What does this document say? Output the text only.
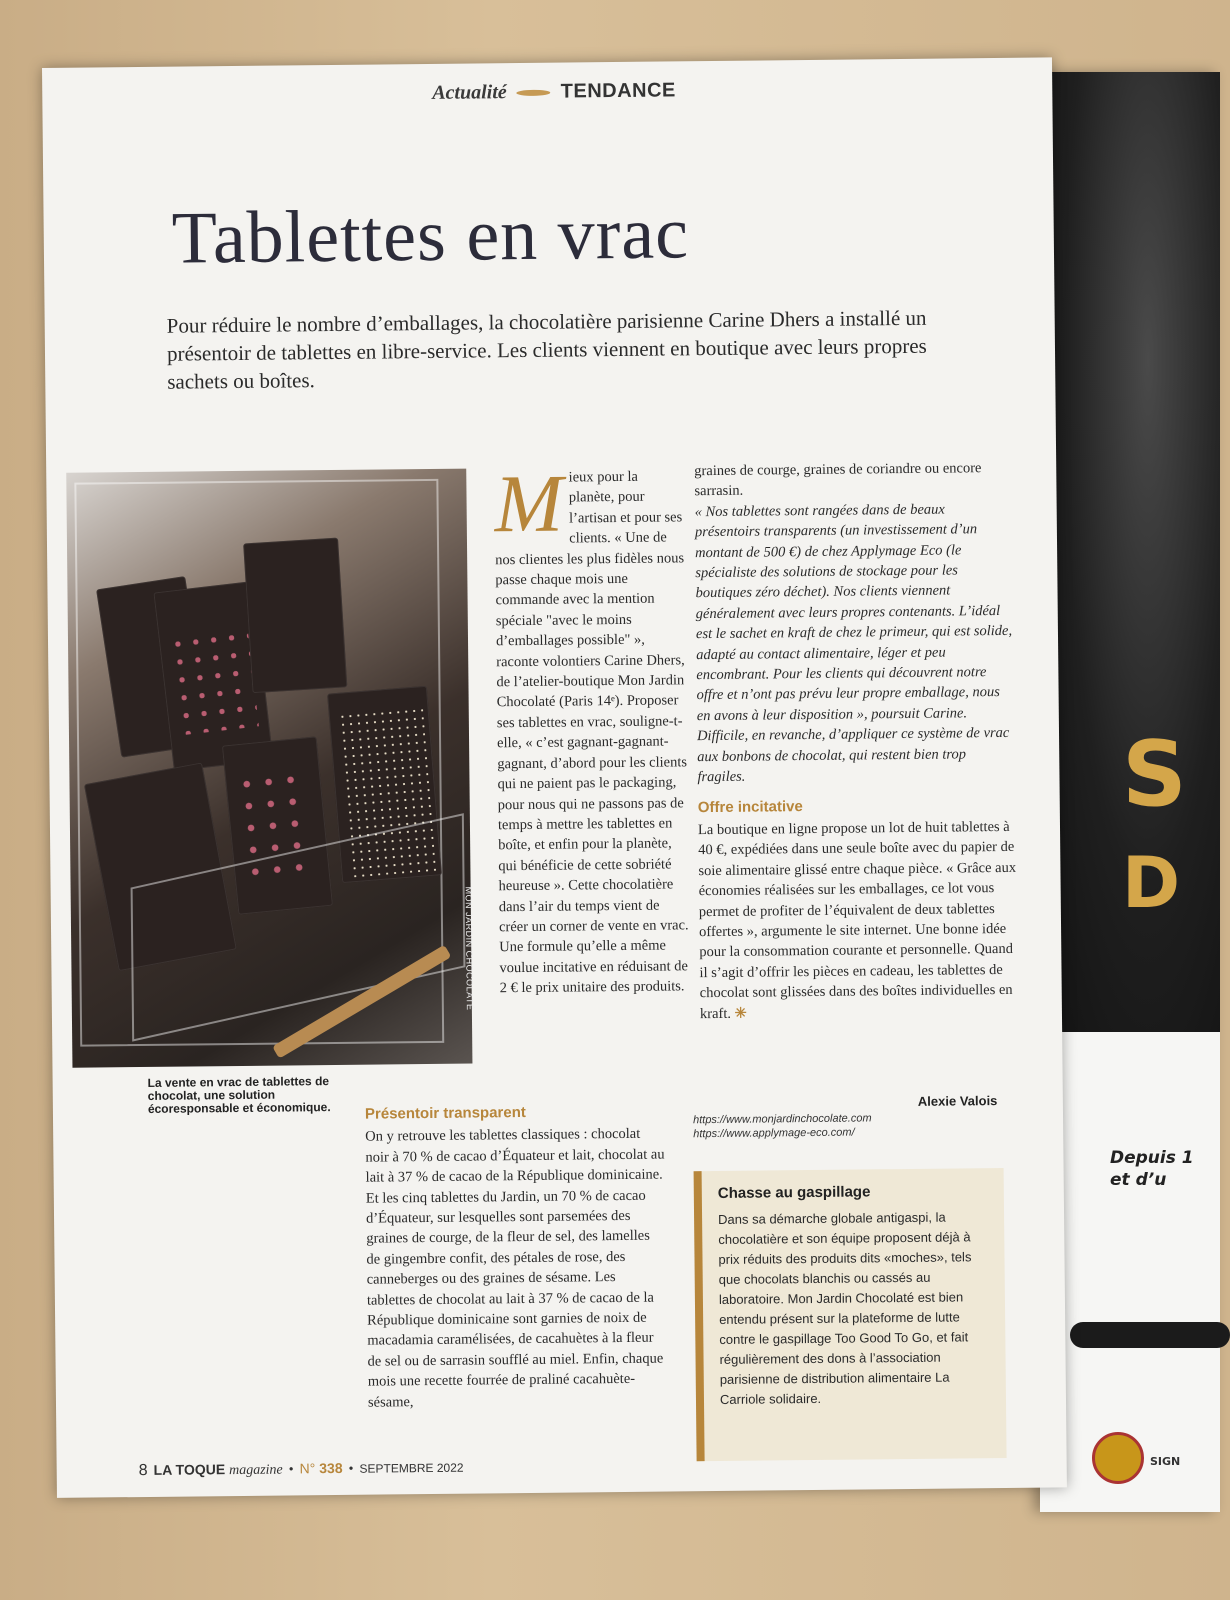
S
D
Depuis 1
et d’u
SIGN
Actualité	TENDANCE
Tablettes en vrac
Pour réduire le nombre d’emballages, la chocolatière parisienne Carine Dhers a installé un présentoir de tablettes en libre-service. Les clients viennent en boutique avec leurs propres sachets ou boîtes.
MON JARDIN CHOCOLATÉ
La vente en vrac de tablettes de chocolat, une solution écoresponsable et économique.
M ieux pour la planète, pour l’artisan et pour ses clients. « Une de nos clientes les plus fidèles nous passe chaque mois une commande avec la mention spéciale "avec le moins d’emballages possible" », raconte volontiers Carine Dhers, de l’atelier-boutique Mon Jardin Chocolaté (Paris 14ᵉ). Proposer ses tablettes en vrac, souligne-t-elle, « c’est gagnant-gagnant-gagnant, d’abord pour les clients qui ne paient pas le packaging, pour nous qui ne passons pas de temps à mettre les tablettes en boîte, et enfin pour la planète, qui bénéficie de cette sobriété heureuse ». Cette chocolatière dans l’air du temps vient de créer un corner de vente en vrac. Une formule qu’elle a même voulue incitative en réduisant de 2 € le prix unitaire des produits.

graines de courge, graines de coriandre ou encore sarrasin.

« Nos tablettes sont rangées dans de beaux présentoirs transparents (un investissement d’un montant de 500 €) de chez Applymage Eco (le spécialiste des solutions de stockage pour les boutiques zéro déchet). Nos clients viennent généralement avec leurs propres contenants. L’idéal est le sachet en kraft de chez le primeur, qui est solide, adapté au contact alimentaire, léger et peu encombrant. Pour les clients qui découvrent notre offre et n’ont pas prévu leur propre emballage, nous en avons à leur disposition », poursuit Carine. Difficile, en revanche, d’appliquer ce système de vrac aux bonbons de chocolat, qui restent bien trop fragiles.

Offre incitative

La boutique en ligne propose un lot de huit tablettes à 40 €, expédiées dans une seule boîte avec du papier de soie alimentaire glissé entre chaque pièce. « Grâce aux économies réalisées sur les emballages, ce lot vous permet de profiter de l’équivalent de deux tablettes offertes », argumente le site internet. Une bonne idée pour la consommation courante et personnelle. Quand il s’agit d’offrir les pièces en cadeau, les tablettes de chocolat sont glissées dans des boîtes individuelles en kraft. ✳

Présentoir transparent

On y retrouve les tablettes classiques : chocolat noir à 70 % de cacao d’Équateur et lait, chocolat au lait à 37 % de cacao de la République dominicaine. Et les cinq tablettes du Jardin, un 70 % de cacao d’Équateur, sur lesquelles sont parsemées des graines de courge, de la fleur de sel, des lamelles de gingembre confit, des pétales de rose, des canneberges ou des graines de sésame. Les tablettes de chocolat au lait à 37 % de cacao de la République dominicaine sont garnies de noix de macadamia caramélisées, de cacahuètes à la fleur de sel ou de sarrasin soufflé au miel. Enfin, chaque mois une recette fourrée de praliné cacahuète-sésame,

Alexie Valois
https://www.monjardinchocolate.com
https://www.applymage-eco.com/
Chasse au gaspillage
Dans sa démarche globale antigaspi, la chocolatière et son équipe proposent déjà à prix réduits des produits dits «moches», tels que chocolats blanchis ou cassés au laboratoire. Mon Jardin Chocolaté est bien entendu présent sur la plateforme de lutte contre le gaspillage Too Good To Go, et fait régulièrement des dons à l’association parisienne de distribution alimentaire La Carriole solidaire.
8 LA TOQUE magazine • N° 338 • SEPTEMBRE 2022
